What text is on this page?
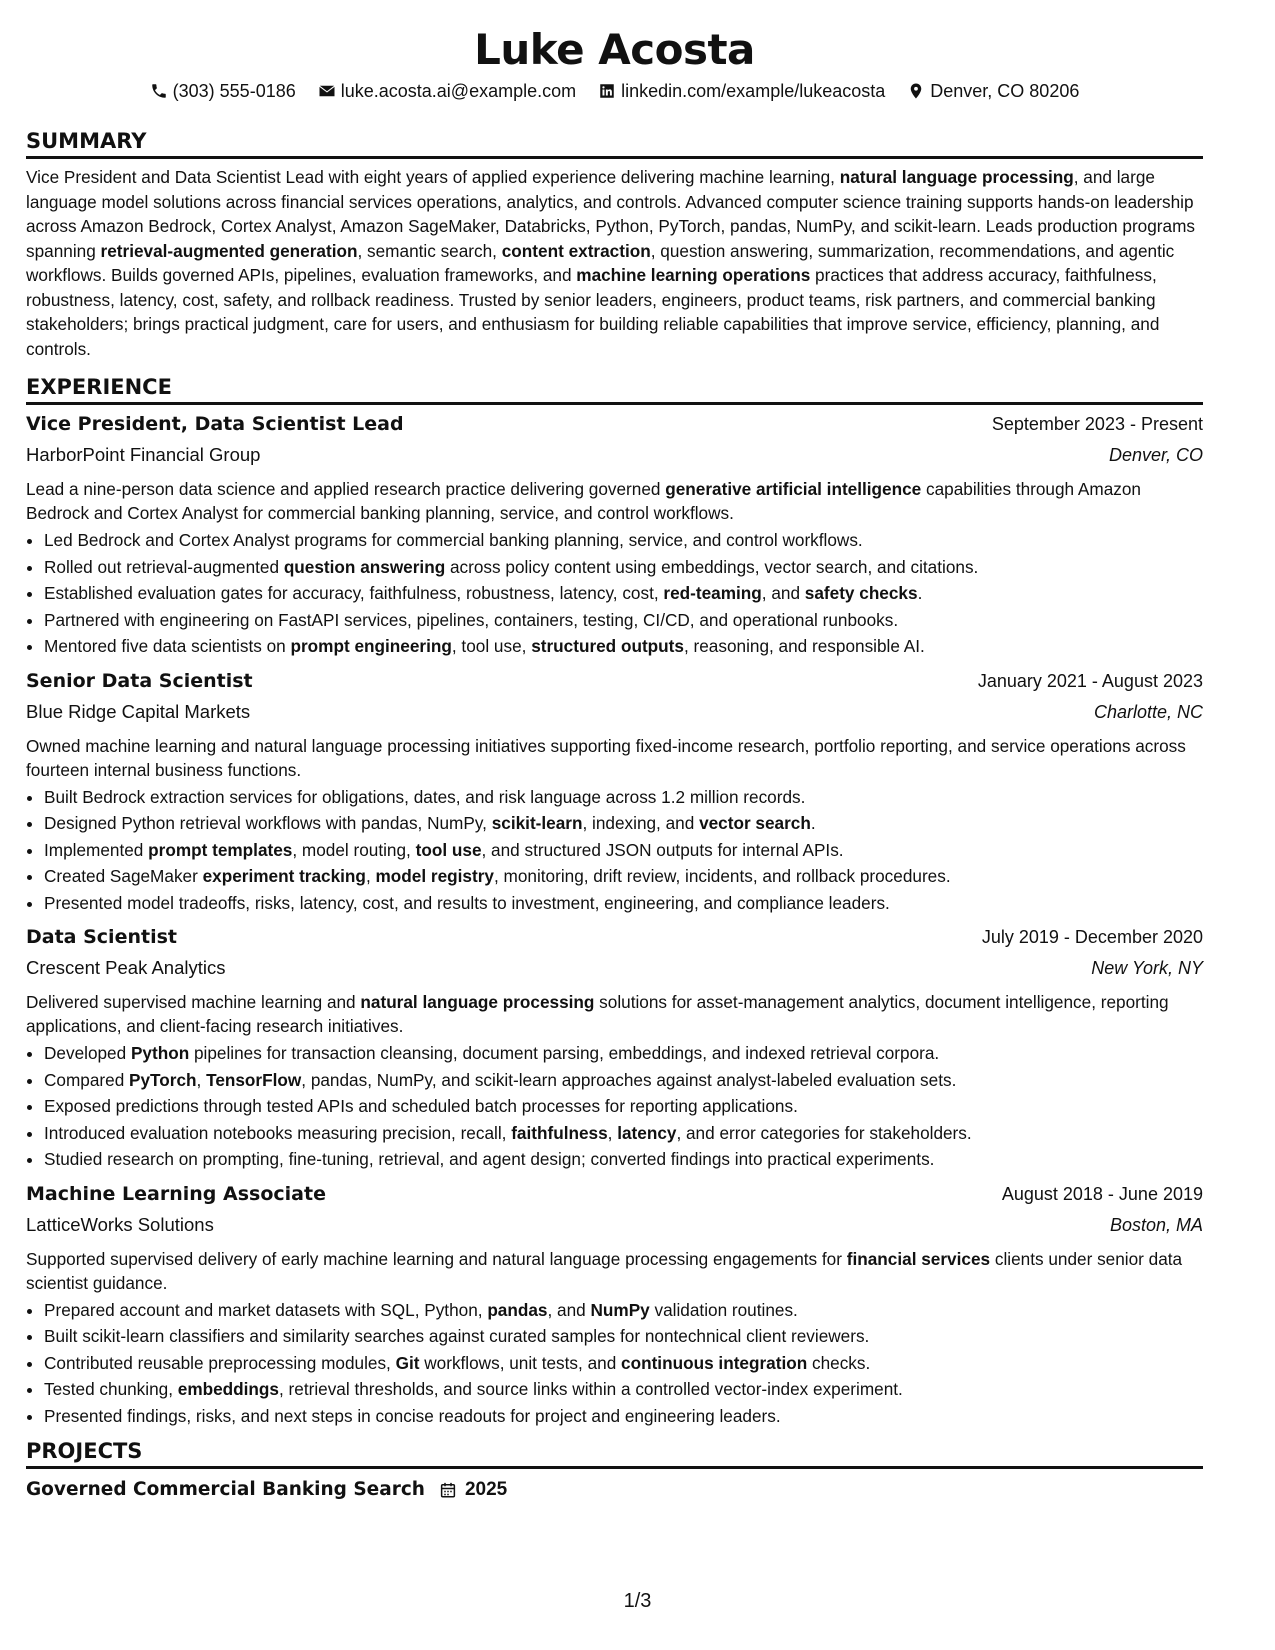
Luke Acosta
(303) 555-0186	luke.acosta.ai@example.com	linkedin.com/example/lukeacosta	Denver, CO 80206
SUMMARY

Vice President and Data Scientist Lead with eight years of applied experience delivering machine learning, natural language processing, and large language model solutions across financial services operations, analytics, and controls. Advanced computer science training supports hands-on leadership across Amazon Bedrock, Cortex Analyst, Amazon SageMaker, Databricks, Python, PyTorch, pandas, NumPy, and scikit-learn. Leads production programs spanning retrieval-augmented generation, semantic search, content extraction, question answering, summarization, recommendations, and agentic workflows. Builds governed APIs, pipelines, evaluation frameworks, and machine learning operations practices that address accuracy, faithfulness, robustness, latency, cost, safety, and rollback readiness. Trusted by senior leaders, engineers, product teams, risk partners, and commercial banking stakeholders; brings practical judgment, care for users, and enthusiasm for building reliable capabilities that improve service, efficiency, planning, and controls.

EXPERIENCE
Vice President, Data Scientist Lead	September 2023 - Present
HarborPoint Financial Group	Denver, CO

Lead a nine-person data science and applied research practice delivering governed generative artificial intelligence capabilities through Amazon Bedrock and Cortex Analyst for commercial banking planning, service, and control workflows.

• Led Bedrock and Cortex Analyst programs for commercial banking planning, service, and control workflows.
• Rolled out retrieval-augmented question answering across policy content using embeddings, vector search, and citations.
• Established evaluation gates for accuracy, faithfulness, robustness, latency, cost, red-teaming, and safety checks.
• Partnered with engineering on FastAPI services, pipelines, containers, testing, CI/CD, and operational runbooks.
• Mentored five data scientists on prompt engineering, tool use, structured outputs, reasoning, and responsible AI.
Senior Data Scientist	January 2021 - August 2023
Blue Ridge Capital Markets	Charlotte, NC

Owned machine learning and natural language processing initiatives supporting fixed-income research, portfolio reporting, and service operations across fourteen internal business functions.

• Built Bedrock extraction services for obligations, dates, and risk language across 1.2 million records.
• Designed Python retrieval workflows with pandas, NumPy, scikit-learn, indexing, and vector search.
• Implemented prompt templates, model routing, tool use, and structured JSON outputs for internal APIs.
• Created SageMaker experiment tracking, model registry, monitoring, drift review, incidents, and rollback procedures.
• Presented model tradeoffs, risks, latency, cost, and results to investment, engineering, and compliance leaders.
Data Scientist	July 2019 - December 2020
Crescent Peak Analytics	New York, NY

Delivered supervised machine learning and natural language processing solutions for asset-management analytics, document intelligence, reporting applications, and client-facing research initiatives.

• Developed Python pipelines for transaction cleansing, document parsing, embeddings, and indexed retrieval corpora.
• Compared PyTorch, TensorFlow, pandas, NumPy, and scikit-learn approaches against analyst-labeled evaluation sets.
• Exposed predictions through tested APIs and scheduled batch processes for reporting applications.
• Introduced evaluation notebooks measuring precision, recall, faithfulness, latency, and error categories for stakeholders.
• Studied research on prompting, fine-tuning, retrieval, and agent design; converted findings into practical experiments.
Machine Learning Associate	August 2018 - June 2019
LatticeWorks Solutions	Boston, MA

Supported supervised delivery of early machine learning and natural language processing engagements for financial services clients under senior data scientist guidance.

• Prepared account and market datasets with SQL, Python, pandas, and NumPy validation routines.
• Built scikit-learn classifiers and similarity searches against curated samples for nontechnical client reviewers.
• Contributed reusable preprocessing modules, Git workflows, unit tests, and continuous integration checks.
• Tested chunking, embeddings, retrieval thresholds, and source links within a controlled vector-index experiment.
• Presented findings, risks, and next steps in concise readouts for project and engineering leaders.
PROJECTS
Governed Commercial Banking Search 2025
1/3
